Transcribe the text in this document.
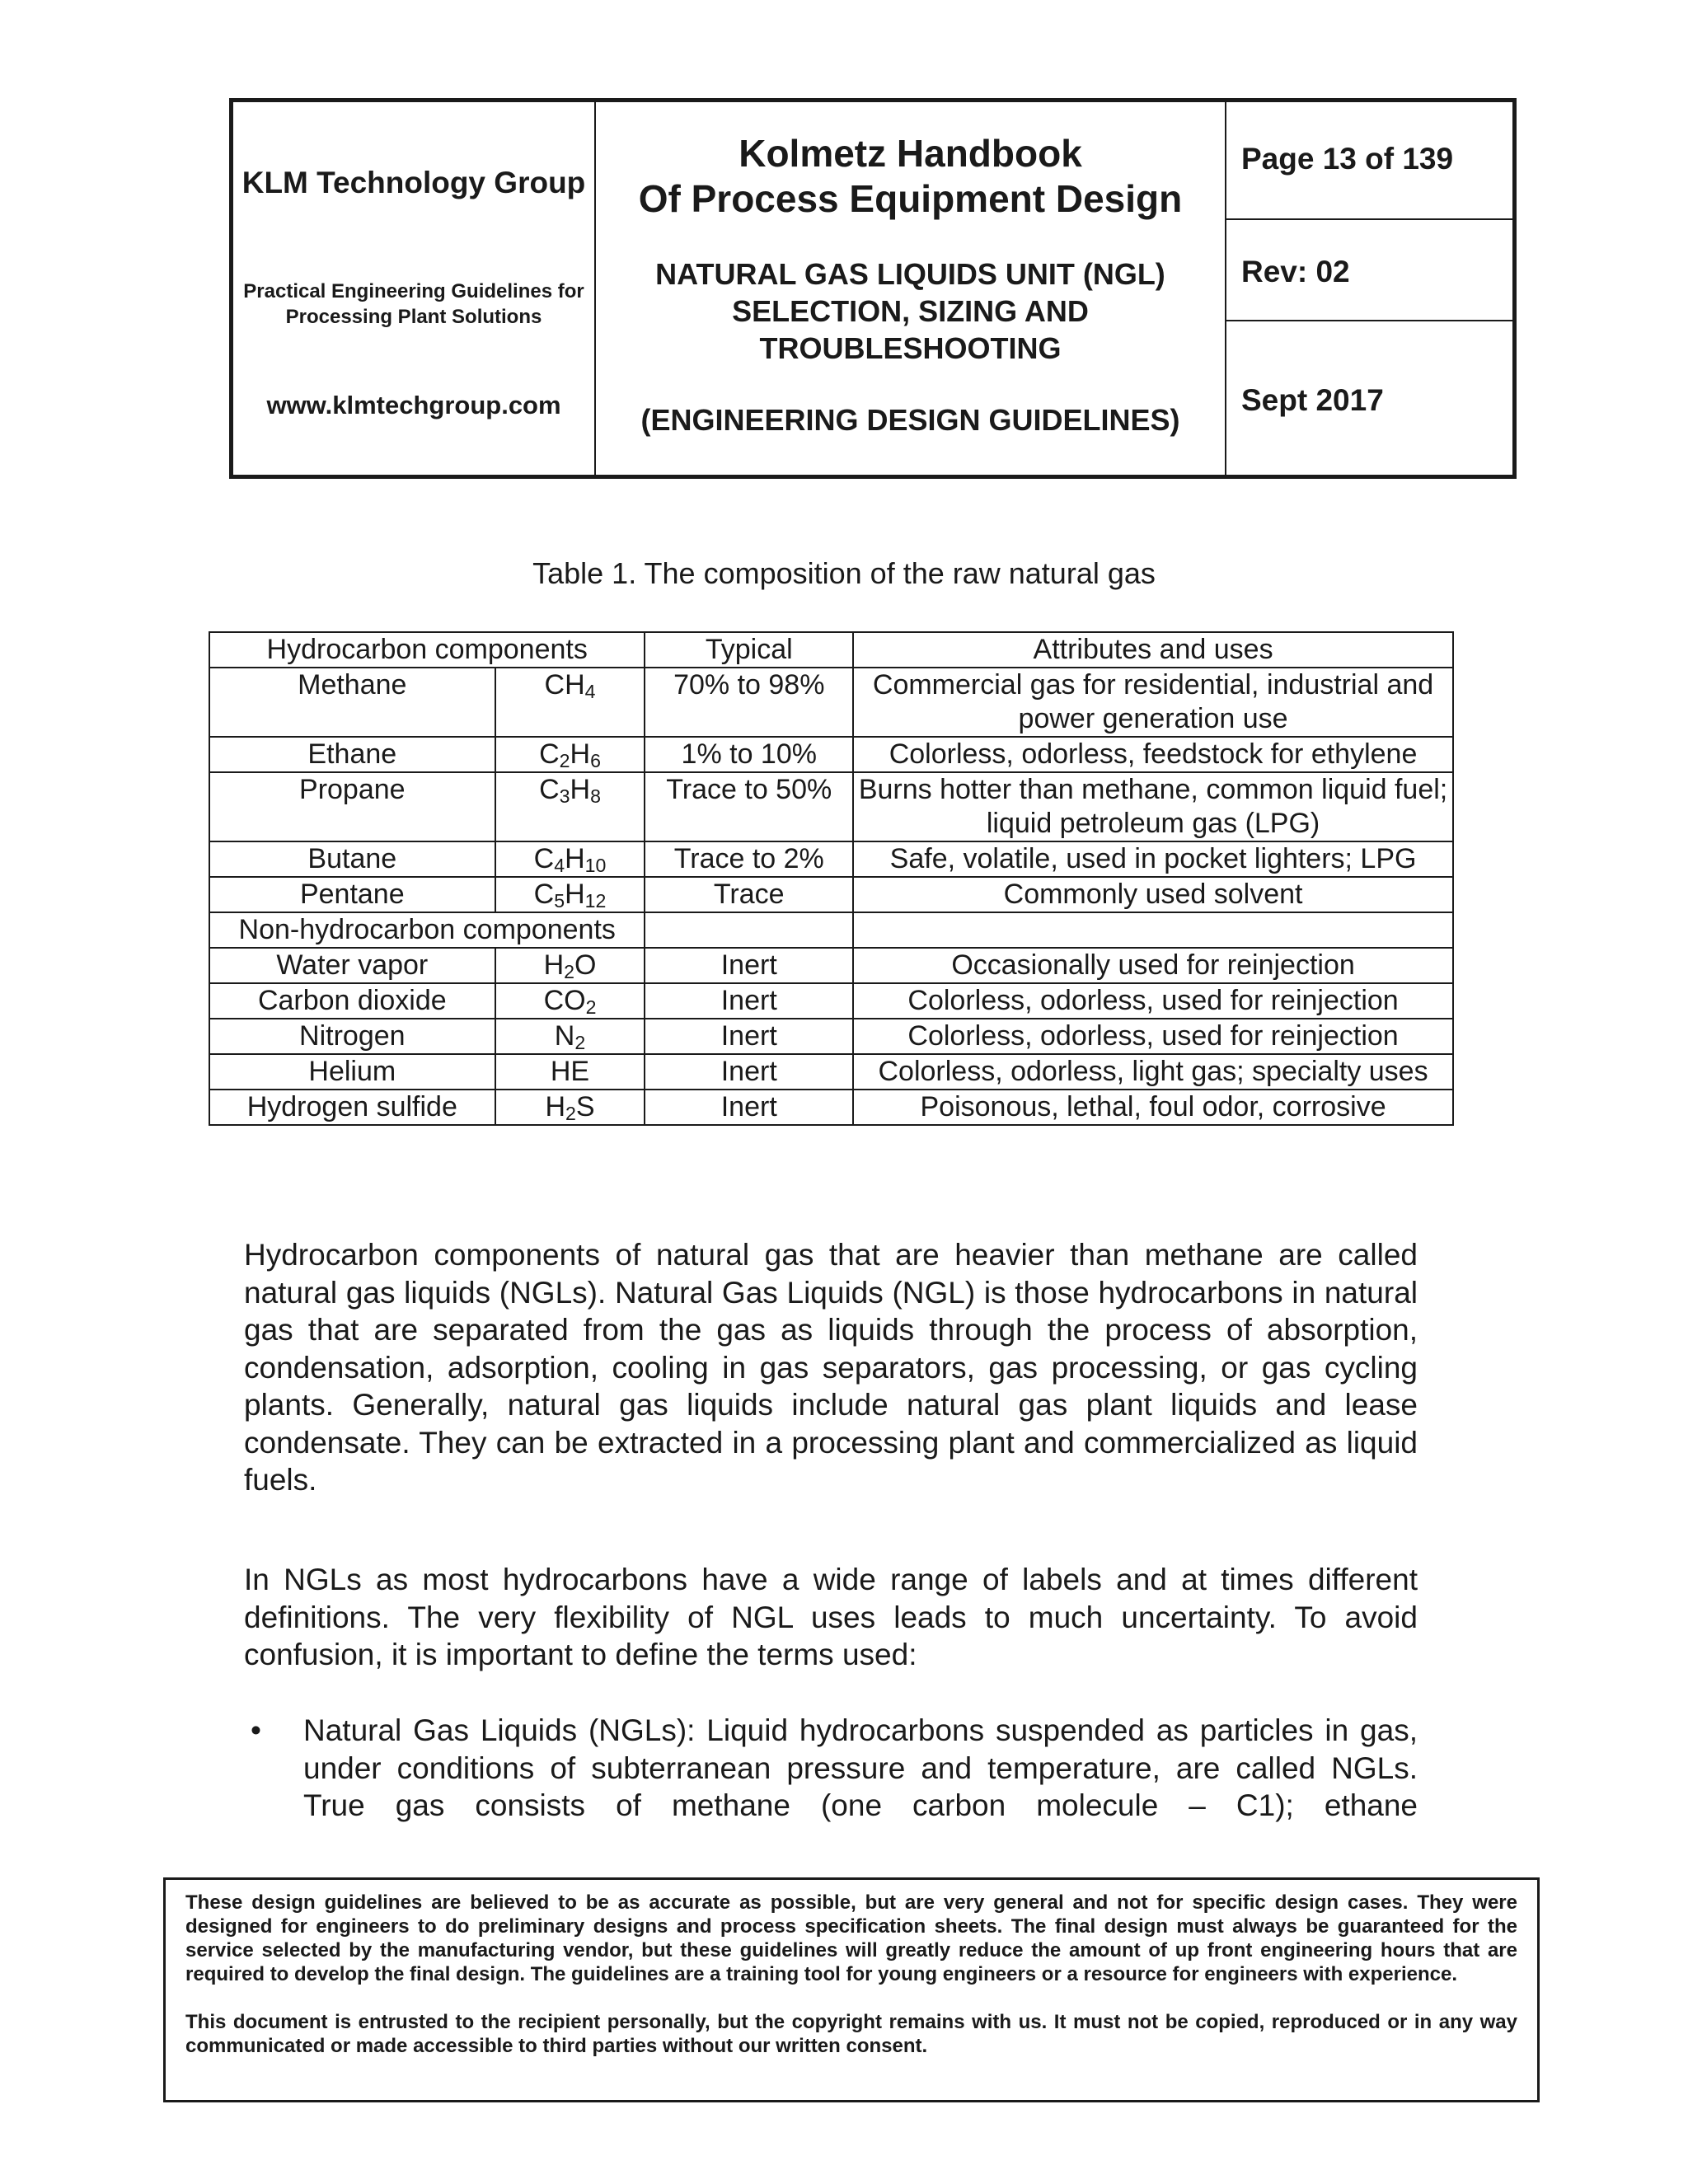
KLM Technology Group
Practical Engineering Guidelines for Processing Plant Solutions
www.klmtechgroup.com
Kolmetz Handbook
Of Process Equipment Design
NATURAL GAS LIQUIDS UNIT (NGL)
SELECTION, SIZING AND
TROUBLESHOOTING
(ENGINEERING DESIGN GUIDELINES)
Page 13 of 139
Rev: 02
Sept 2017
Table 1. The composition of the raw natural gas
Hydrocarbon components		Typical	Attributes and uses
Methane	$CH_4$	70% to 98%	Commercial gas for residential, industrial and power generation use
Ethane	$C_2H_6$	1% to 10%	Colorless, odorless, feedstock for ethylene
Propane	$C_3H_8$	Trace to 50%	Burns hotter than methane, common liquid fuel; liquid petroleum gas (LPG)
Butane	$C_4H_{10}$	Trace to 2%	Safe, volatile, used in pocket lighters; LPG
Pentane	$C_5H_{12}$	Trace	Commonly used solvent
Non-hydrocarbon components			
Water vapor	$H_2O$	Inert	Occasionally used for reinjection
Carbon dioxide	$CO_2$	Inert	Colorless, odorless, used for reinjection
Nitrogen	$N_2$	Inert	Colorless, odorless, used for reinjection
Helium	HE	Inert	Colorless, odorless, light gas; specialty uses
Hydrogen sulfide	$H_2S$	Inert	Poisonous, lethal, foul odor, corrosive
Hydrocarbon components of natural gas that are heavier than methane are called natural gas liquids (NGLs). Natural Gas Liquids (NGL) is those hydrocarbons in natural gas that are separated from the gas as liquids through the process of absorption, condensation, adsorption, cooling in gas separators, gas processing, or gas cycling plants. Generally, natural gas liquids include natural gas plant liquids and lease condensate. They can be extracted in a processing plant and commercialized as liquid fuels.
In NGLs as most hydrocarbons have a wide range of labels and at times different definitions. The very flexibility of NGL uses leads to much uncertainty. To avoid confusion, it is important to define the terms used:
• Natural Gas Liquids (NGLs): Liquid hydrocarbons suspended as particles in gas, under conditions of subterranean pressure and temperature, are called NGLs. True gas consists of methane (one carbon molecule – C1); ethane

These design guidelines are believed to be as accurate as possible, but are very general and not for specific design cases. They were designed for engineers to do preliminary designs and process specification sheets. The final design must always be guaranteed for the service selected by the manufacturing vendor, but these guidelines will greatly reduce the amount of up front engineering hours that are required to develop the final design. The guidelines are a training tool for young engineers or a resource for engineers with experience.

This document is entrusted to the recipient personally, but the copyright remains with us. It must not be copied, reproduced or in any way communicated or made accessible to third parties without our written consent.
